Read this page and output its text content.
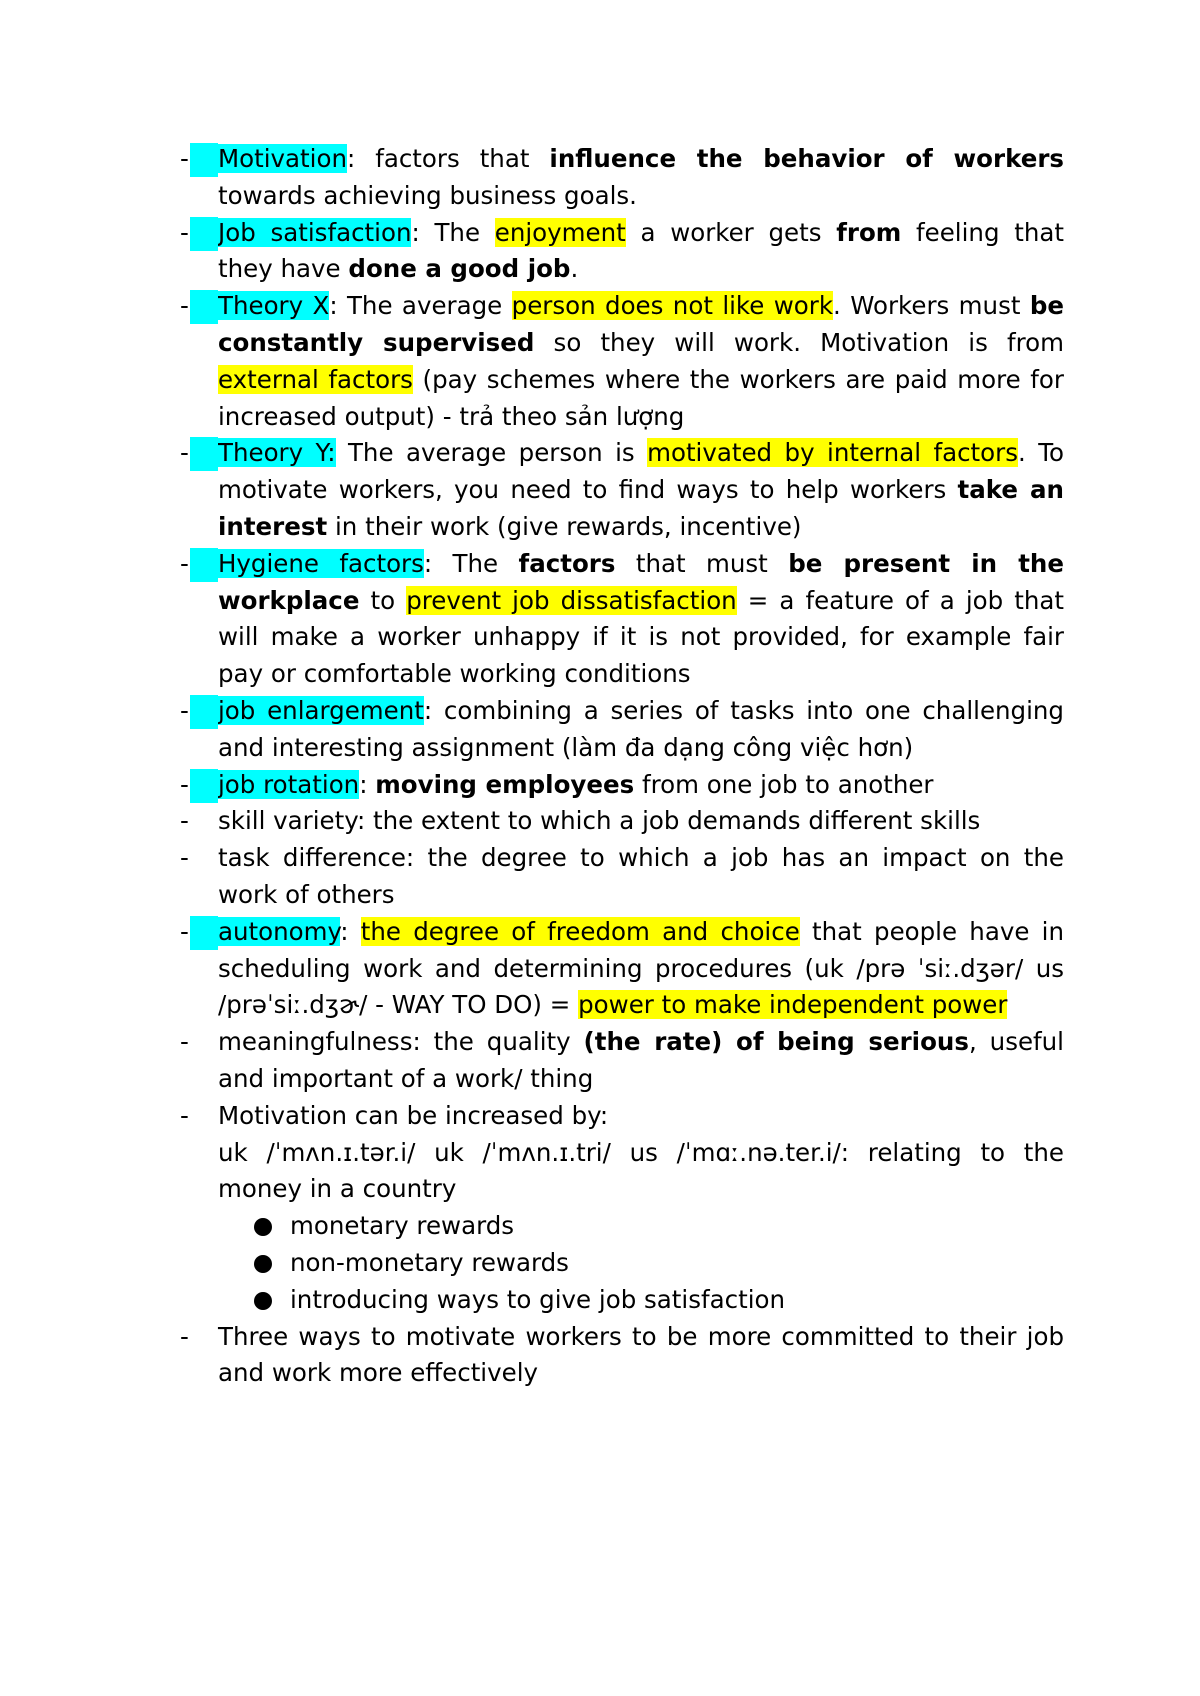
- Motivation: factors that influence the behavior of workers towards achieving business goals.
- Job satisfaction: The enjoyment a worker gets from feeling that they have done a good job.
- Theory X: The average person does not like work. Workers must be constantly supervised so they will work. Motivation is from external factors (pay schemes where the workers are paid more for increased output) - trả theo sản lượng
- Theory Y: The average person is motivated by internal factors. To motivate workers, you need to find ways to help workers take an interest in their work (give rewards, incentive)
- Hygiene factors: The factors that must be present in the workplace to prevent job dissatisfaction = a feature of a job that will make a worker unhappy if it is not provided, for example fair pay or comfortable working conditions
- job enlargement: combining a series of tasks into one challenging and interesting assignment (làm đa dạng công việc hơn)
- job rotation: moving employees from one job to another
- skill variety: the extent to which a job demands different skills
- task difference: the degree to which a job has an impact on the work of others
- autonomy: the degree of freedom and choice that people have in scheduling work and determining procedures (uk /prə ˈsiː.dʒər/ us /prəˈsiː.dʒɚ/ - WAY TO DO) = power to make independent power
- meaningfulness: the quality (the rate) of being serious, useful and important of a work/ thing
- Motivation can be increased by:
uk /ˈmʌn.ɪ.tər.i/ uk /ˈmʌn.ɪ.tri/ us /ˈmɑː.nə.ter.i/: relating to the money in a country
monetary rewards
non-monetary rewards
introducing ways to give job satisfaction
- Three ways to motivate workers to be more committed to their job and work more effectively
